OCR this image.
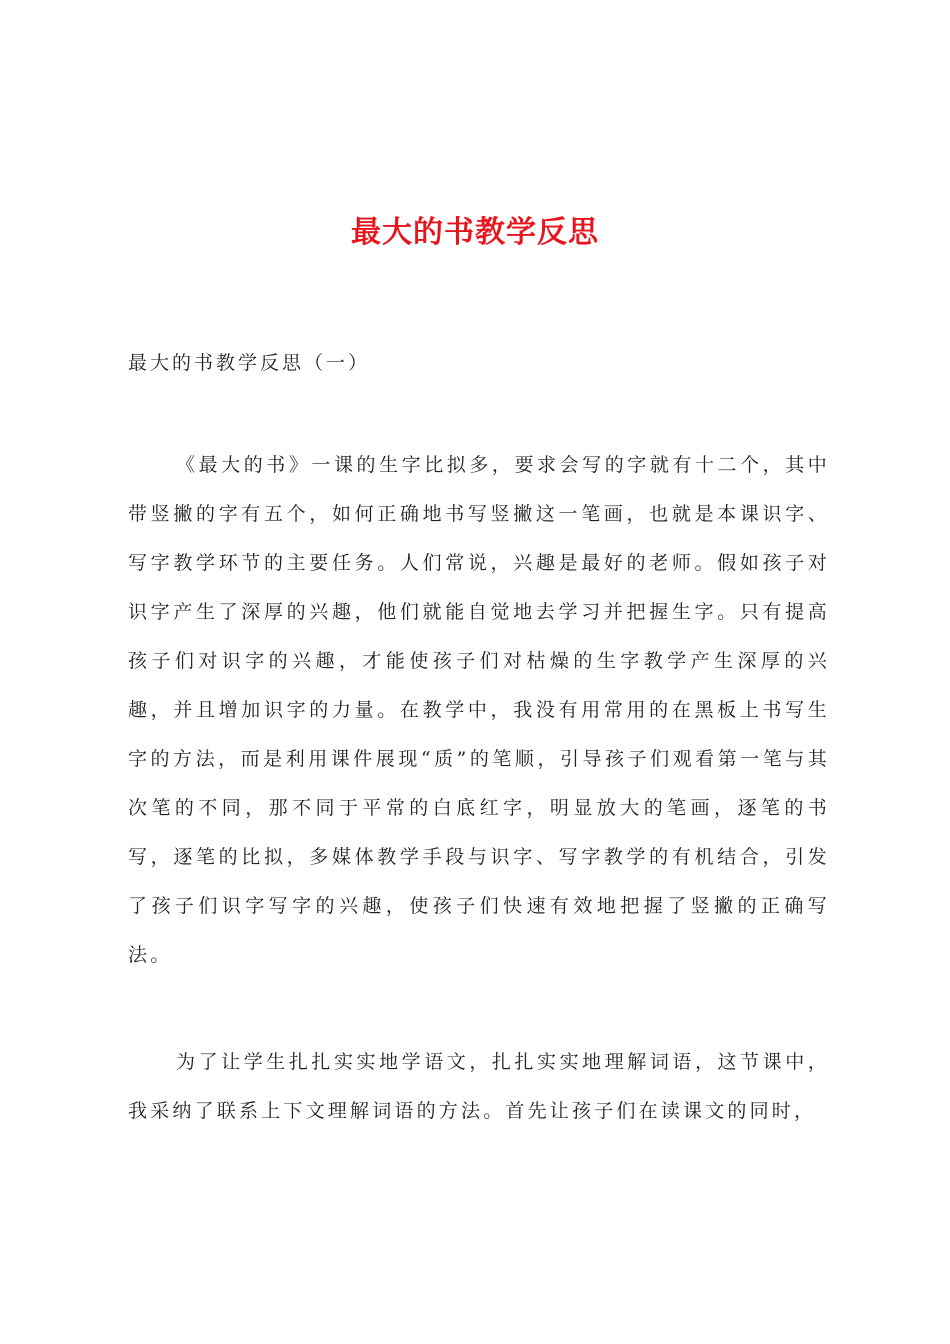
最大的书教学反思
最大的书教学反思（一）

《最大的书》一课的生字比拟多，要求会写的字就有十二个，其中带竖撇的字有五个，如何正确地书写竖撇这一笔画，也就是本课识字、写字教学环节的主要任务。人们常说，兴趣是最好的老师。假如孩子对识字产生了深厚的兴趣，他们就能自觉地去学习并把握生字。只有提高孩子们对识字的兴趣，才能使孩子们对枯燥的生字教学产生深厚的兴趣，并且增加识字的力量。在教学中，我没有用常用的在黑板上书写生字的方法，而是利用课件展现“质”的笔顺，引导孩子们观看第一笔与其次笔的不同，那不同于平常的白底红字，明显放大的笔画，逐笔的书写，逐笔的比拟，多媒体教学手段与识字、写字教学的有机结合，引发了孩子们识字写字的兴趣，使孩子们快速有效地把握了竖撇的正确写法。

为了让学生扎扎实实地学语文，扎扎实实地理解词语，这节课中，我采纳了联系上下文理解词语的方法。首先让孩子们在读课文的同时，
